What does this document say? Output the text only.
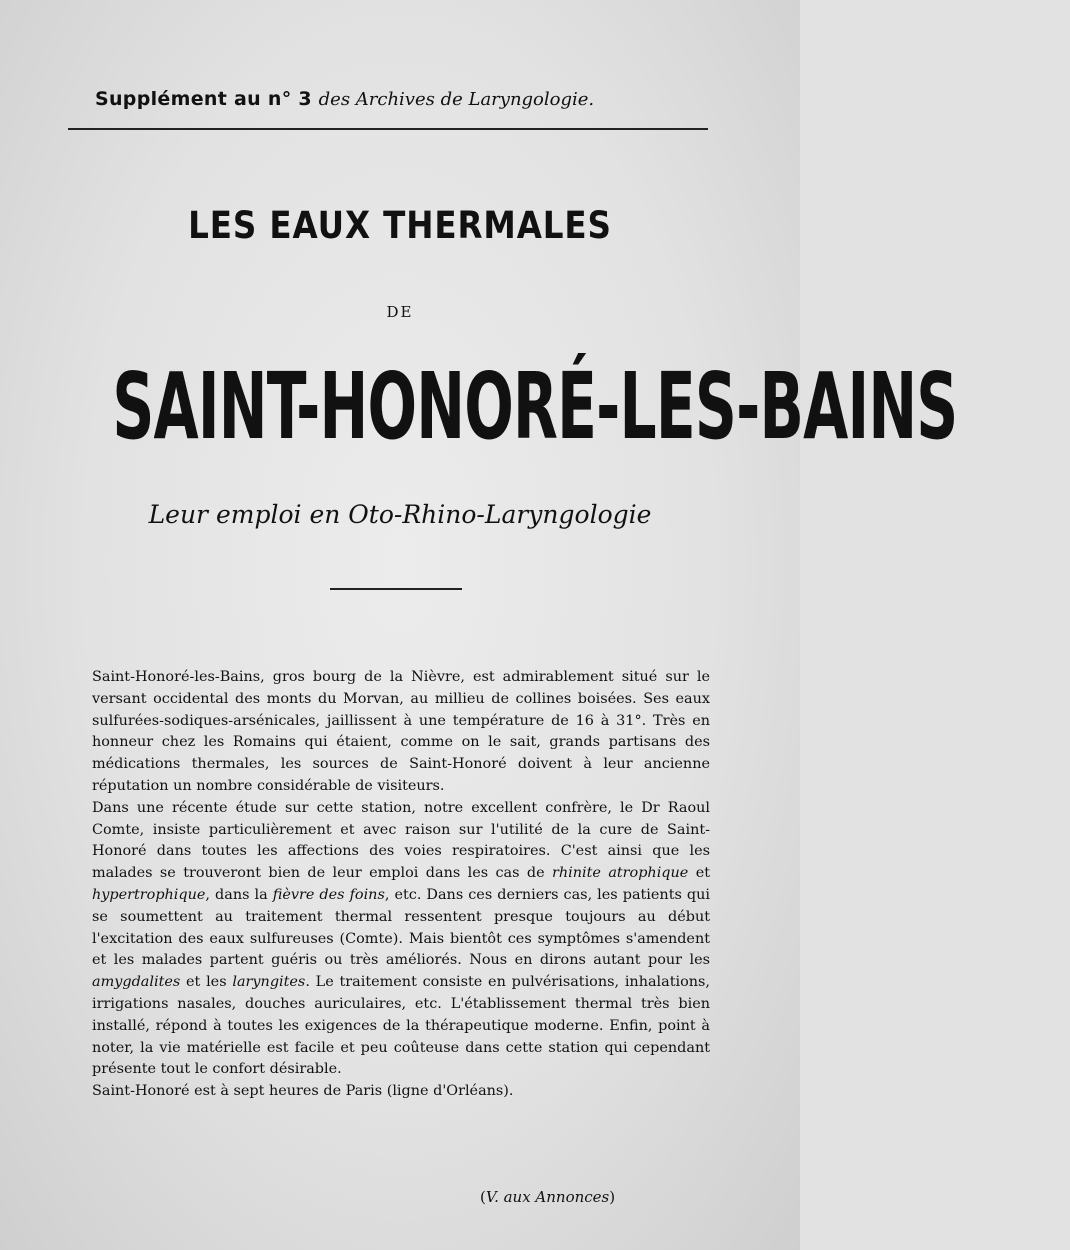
Supplément au n° 3 des Archives de Laryngologie.
LES EAUX THERMALES
DE
SAINT-HONORÉ-LES-BAINS
Leur emploi en Oto-Rhino-Laryngologie

Saint-Honoré-les-Bains, gros bourg de la Nièvre, est admirablement situé sur le versant occidental des monts du Morvan, au millieu de collines boisées. Ses eaux sulfurées-sodiques-arsénicales, jaillissent à une température de 16 à 31°. Très en honneur chez les Romains qui étaient, comme on le sait, grands partisans des médications thermales, les sources de Saint-Honoré doivent à leur ancienne réputation un nombre considérable de visiteurs.

Dans une récente étude sur cette station, notre excellent confrère, le Dr Raoul Comte, insiste particulièrement et avec raison sur l'utilité de la cure de Saint-Honoré dans toutes les affections des voies respiratoires. C'est ainsi que les malades se trouveront bien de leur emploi dans les cas de rhinite atrophique et hypertrophique, dans la fièvre des foins, etc. Dans ces derniers cas, les patients qui se soumettent au traitement thermal ressentent presque toujours au début l'excitation des eaux sulfureuses (Comte). Mais bientôt ces symptômes s'amendent et les malades partent guéris ou très améliorés. Nous en dirons autant pour les amygdalites et les laryngites. Le traitement consiste en pulvérisations, inhalations, irrigations nasales, douches auriculaires, etc. L'établissement thermal très bien installé, répond à toutes les exigences de la thérapeutique moderne. Enfin, point à noter, la vie matérielle est facile et peu coûteuse dans cette station qui cependant présente tout le confort désirable.

Saint-Honoré est à sept heures de Paris (ligne d'Orléans).

(V. aux Annonces)
